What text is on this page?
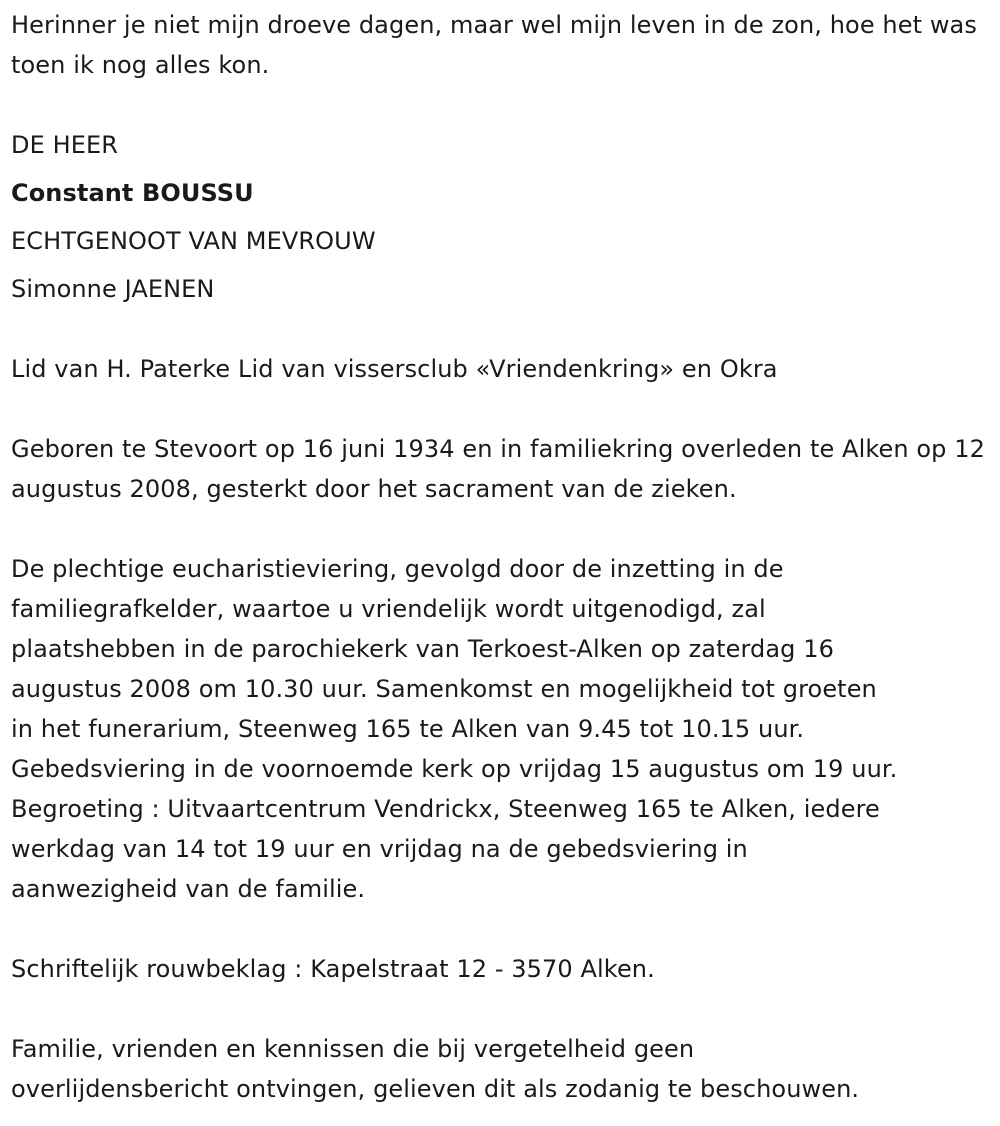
Herinner je niet mijn droeve dagen, maar wel mijn leven in de zon, hoe het was toen ik nog alles kon.

DE HEER

Constant BOUSSU

ECHTGENOOT VAN MEVROUW

Simonne JAENEN

Lid van H. Paterke Lid van vissersclub «Vriendenkring» en Okra

Geboren te Stevoort op 16 juni 1934 en in familiekring overleden te Alken op 12 augustus 2008, gesterkt door het sacrament van de zieken.

De plechtige eucharistieviering, gevolgd door de inzetting in de

familiegrafkelder, waartoe u vriendelijk wordt uitgenodigd, zal

plaatshebben in de parochiekerk van Terkoest-Alken op zaterdag 16

augustus 2008 om 10.30 uur. Samenkomst en mogelijkheid tot groeten

in het funerarium, Steenweg 165 te Alken van 9.45 tot 10.15 uur.

Gebedsviering in de voornoemde kerk op vrijdag 15 augustus om 19 uur.

Begroeting : Uitvaartcentrum Vendrickx, Steenweg 165 te Alken, iedere

werkdag van 14 tot 19 uur en vrijdag na de gebedsviering in

aanwezigheid van de familie.

Schriftelijk rouwbeklag : Kapelstraat 12 - 3570 Alken.

Familie, vrienden en kennissen die bij vergetelheid geen

overlijdensbericht ontvingen, gelieven dit als zodanig te beschouwen.
